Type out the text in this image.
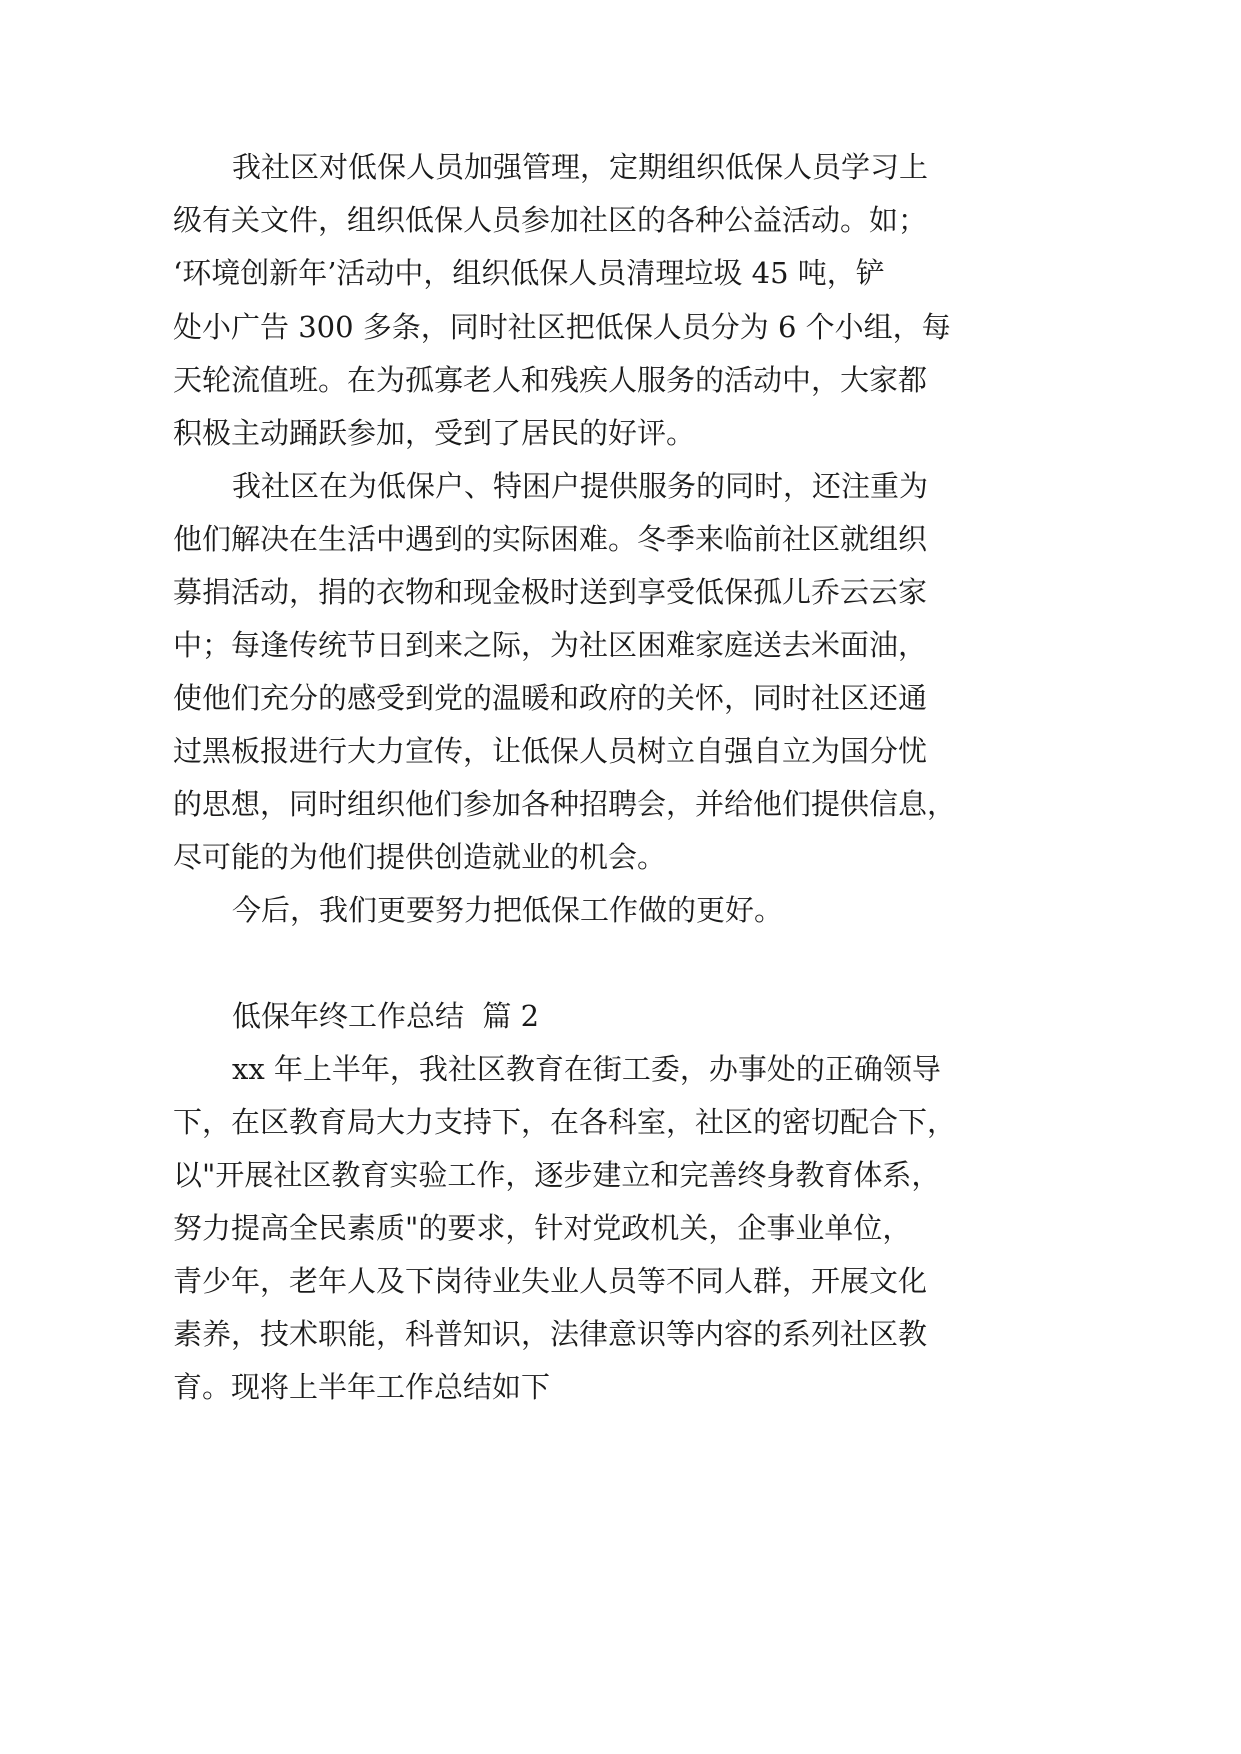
我社区对低保人员加强管理，定期组织低保人员学习上
级有关文件，组织低保人员参加社区的各种公益活动。如；
‘环境创新年’活动中，组织低保人员清理垃圾 45 吨，铲
处小广告 300 多条，同时社区把低保人员分为 6 个小组，每
天轮流值班。在为孤寡老人和残疾人服务的活动中，大家都
积极主动踊跃参加，受到了居民的好评。
我社区在为低保户、特困户提供服务的同时，还注重为
他们解决在生活中遇到的实际困难。冬季来临前社区就组织
募捐活动，捐的衣物和现金极时送到享受低保孤儿乔云云家
中；每逢传统节日到来之际，为社区困难家庭送去米面油，
使他们充分的感受到党的温暖和政府的关怀，同时社区还通
过黑板报进行大力宣传，让低保人员树立自强自立为国分忧
的思想，同时组织他们参加各种招聘会，并给他们提供信息，
尽可能的为他们提供创造就业的机会。
今后，我们更要努力把低保工作做的更好。
低保年终工作总结  篇 2
xx 年上半年，我社区教育在街工委，办事处的正确领导
下，在区教育局大力支持下，在各科室，社区的密切配合下，
以"开展社区教育实验工作，逐步建立和完善终身教育体系，
努力提高全民素质"的要求，针对党政机关，企事业单位，
青少年，老年人及下岗待业失业人员等不同人群，开展文化
素养，技术职能，科普知识，法律意识等内容的系列社区教
育。现将上半年工作总结如下
